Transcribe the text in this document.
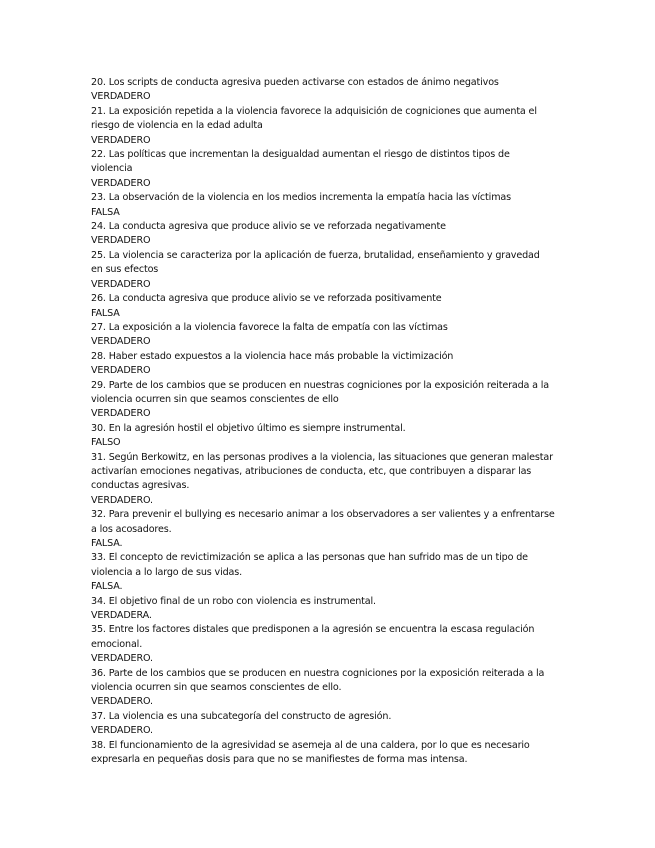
20. Los scripts de conducta agresiva pueden activarse con estados de ánimo negativos
VERDADERO
21. La exposición repetida a la violencia favorece la adquisición de cogniciones que aumenta el
riesgo de violencia en la edad adulta
VERDADERO
22. Las políticas que incrementan la desigualdad aumentan el riesgo de distintos tipos de
violencia
VERDADERO
23. La observación de la violencia en los medios incrementa la empatía hacia las víctimas
FALSA
24. La conducta agresiva que produce alivio se ve reforzada negativamente
VERDADERO
25. La violencia se caracteriza por la aplicación de fuerza, brutalidad, enseñamiento y gravedad
en sus efectos
VERDADERO
26. La conducta agresiva que produce alivio se ve reforzada positivamente
FALSA
27. La exposición a la violencia favorece la falta de empatía con las víctimas
VERDADERO
28. Haber estado expuestos a la violencia hace más probable la victimización
VERDADERO
29. Parte de los cambios que se producen en nuestras cogniciones por la exposición reiterada a la
violencia ocurren sin que seamos conscientes de ello
VERDADERO
30. En la agresión hostil el objetivo último es siempre instrumental.
FALSO
31. Según Berkowitz, en las personas prodives a la violencia, las situaciones que generan malestar
activarían emociones negativas, atribuciones de conducta, etc, que contribuyen a disparar las
conductas agresivas.
VERDADERO.
32. Para prevenir el bullying es necesario animar a los observadores a ser valientes y a enfrentarse
a los acosadores.
FALSA.
33. El concepto de revictimización se aplica a las personas que han sufrido mas de un tipo de
violencia a lo largo de sus vidas.
FALSA.
34. El objetivo final de un robo con violencia es instrumental.
VERDADERA.
35. Entre los factores distales que predisponen a la agresión se encuentra la escasa regulación
emocional.
VERDADERO.
36. Parte de los cambios que se producen en nuestra cogniciones por la exposición reiterada a la
violencia ocurren sin que seamos conscientes de ello.
VERDADERO.
37. La violencia es una subcategoría del constructo de agresión.
VERDADERO.
38. El funcionamiento de la agresividad se asemeja al de una caldera, por lo que es necesario
expresarla en pequeñas dosis para que no se manifiestes de forma mas intensa.
